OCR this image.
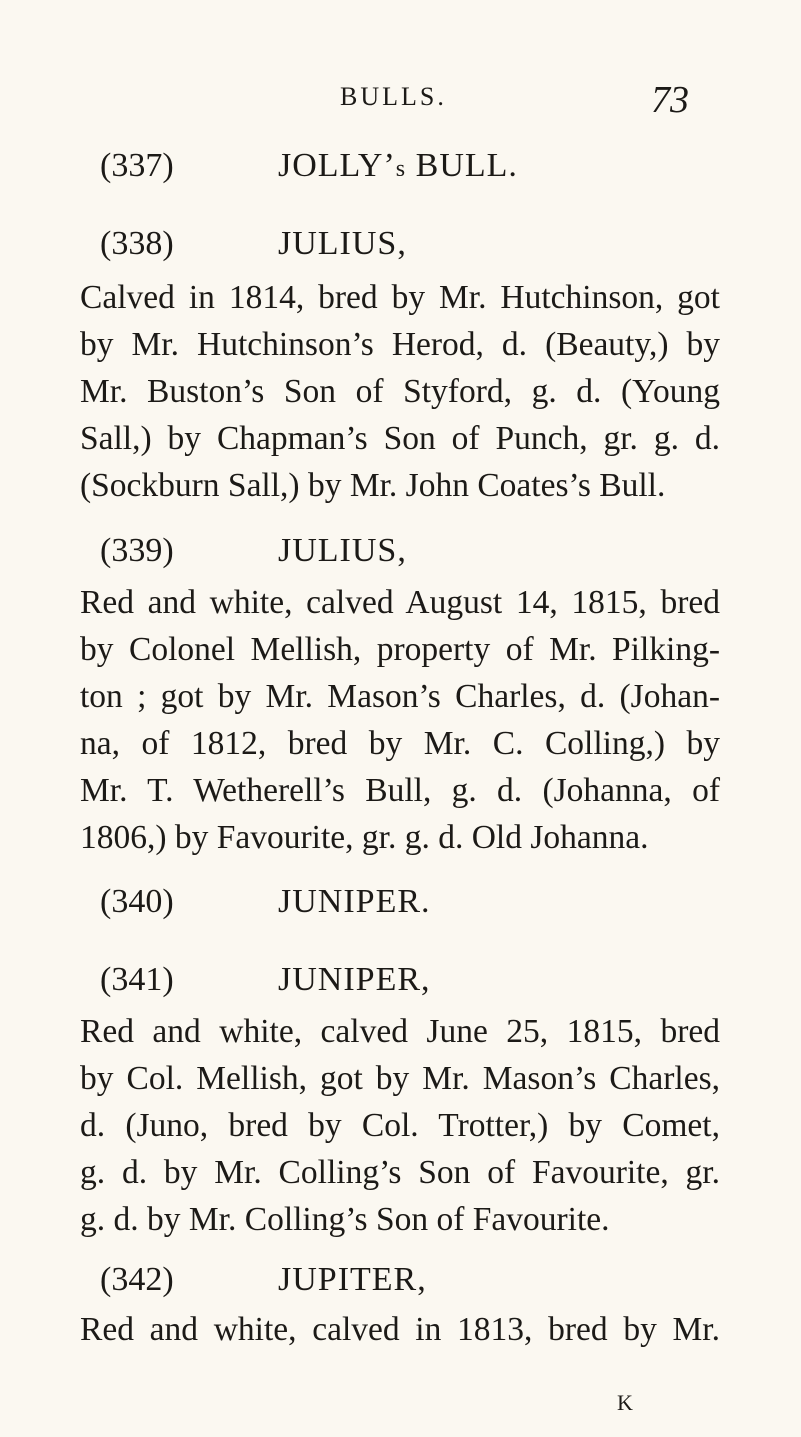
BULLS.	73
(337)	JOLLY’s BULL.
(338)	JULIUS,
Calved in 1814, bred by Mr. Hutchinson, got
by Mr. Hutchinson’s Herod, d. (Beauty,) by
Mr. Buston’s Son of Styford, g. d. (Young
Sall,) by Chapman’s Son of Punch, gr. g. d.
(Sockburn Sall,) by Mr. John Coates’s Bull.
(339)	JULIUS,
Red and white, calved August 14, 1815, bred
by Colonel Mellish, property of Mr. Pilking-
ton ; got by Mr. Mason’s Charles, d. (Johan-
na, of 1812, bred by Mr. C. Colling,) by
Mr. T. Wetherell’s Bull, g. d. (Johanna, of
1806,) by Favourite, gr. g. d. Old Johanna.
(340)	JUNIPER.
(341)	JUNIPER,
Red and white, calved June 25, 1815, bred
by Col. Mellish, got by Mr. Mason’s Charles,
d. (Juno, bred by Col. Trotter,) by Comet,
g. d. by Mr. Colling’s Son of Favourite, gr.
g. d. by Mr. Colling’s Son of Favourite.
(342)	JUPITER,
Red and white, calved in 1813, bred by Mr.
K
